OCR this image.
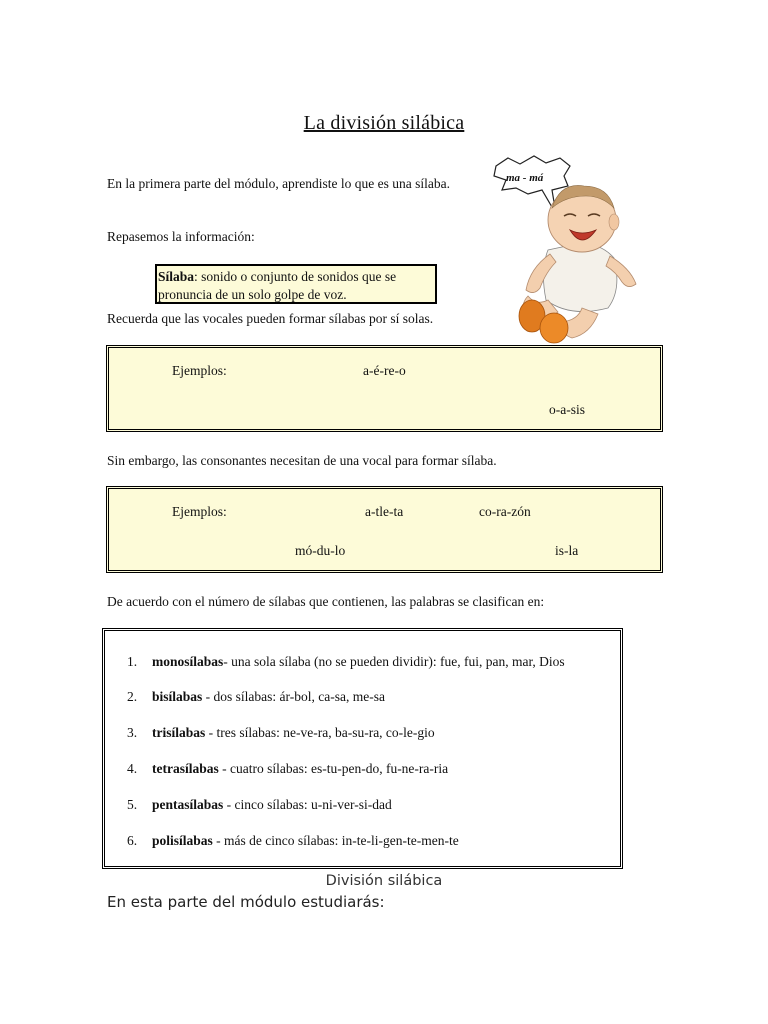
La división silábica
En la primera parte del módulo, aprendiste lo que es una sílaba.
Repasemos la información:
Sílaba: sonido o conjunto de sonidos que se pronuncia de un solo golpe de voz.
Recuerda que las vocales pueden formar sílabas por sí solas.
Ejemplos:	a-é-re-o
o-a-sis
Sin embargo, las consonantes necesitan de una vocal para formar sílaba.
Ejemplos:	a-tle-ta	co-ra-zón
mó-du-lo	is-la
De acuerdo con el número de sílabas que contienen, las palabras se clasifican en:
1. monosílabas- una sola sílaba (no se pueden dividir): fue, fui, pan, mar, Dios
2. bisílabas - dos sílabas: ár-bol, ca-sa, me-sa
3. trisílabas - tres sílabas: ne-ve-ra, ba-su-ra, co-le-gio
4. tetrasílabas - cuatro sílabas: es-tu-pen-do, fu-ne-ra-ria
5. pentasílabas - cinco sílabas: u-ni-ver-si-dad
6. polisílabas - más de cinco sílabas: in-te-li-gen-te-men-te
División silábica
En esta parte del módulo estudiarás:
ma - má
